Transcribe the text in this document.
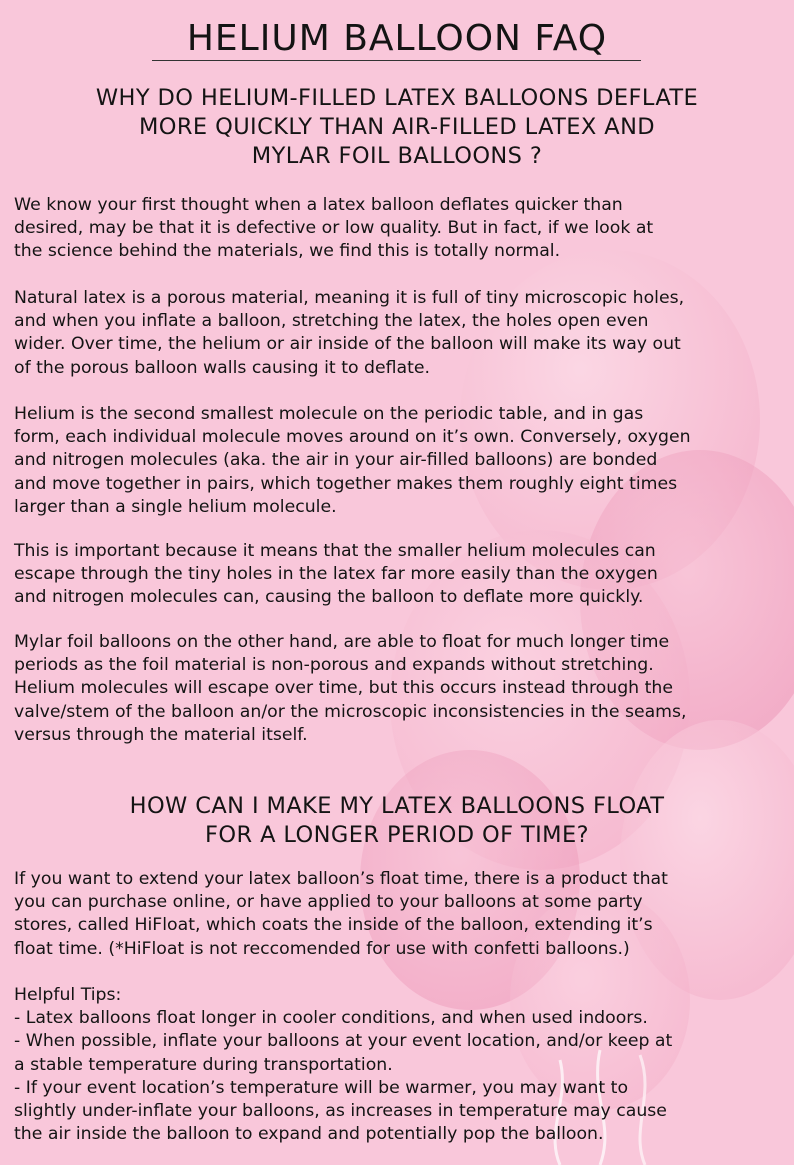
HELIUM BALLOON FAQ
WHY DO HELIUM-FILLED LATEX BALLOONS DEFLATE
MORE QUICKLY THAN AIR-FILLED LATEX AND
MYLAR FOIL BALLOONS ?

We know your first thought when a latex balloon deflates quicker than
desired, may be that it is defective or low quality. But in fact, if we look at
the science behind the materials, we find this is totally normal.

Natural latex is a porous material, meaning it is full of tiny microscopic holes,
and when you inflate a balloon, stretching the latex, the holes open even
wider. Over time, the helium or air inside of the balloon will make its way out
of the porous balloon walls causing it to deflate.

Helium is the second smallest molecule on the periodic table, and in gas
form, each individual molecule moves around on it’s own. Conversely, oxygen
and nitrogen molecules (aka. the air in your air-filled balloons) are bonded
and move together in pairs, which together makes them roughly eight times
larger than a single helium molecule.

This is important because it means that the smaller helium molecules can
escape through the tiny holes in the latex far more easily than the oxygen
and nitrogen molecules can, causing the balloon to deflate more quickly.

Mylar foil balloons on the other hand, are able to float for much longer time
periods as the foil material is non-porous and expands without stretching.
Helium molecules will escape over time, but this occurs instead through the
valve/stem of the balloon an/or the microscopic inconsistencies in the seams,
versus through the material itself.

HOW CAN I MAKE MY LATEX BALLOONS FLOAT
FOR A LONGER PERIOD OF TIME?

If you want to extend your latex balloon’s float time, there is a product that
you can purchase online, or have applied to your balloons at some party
stores, called HiFloat, which coats the inside of the balloon, extending it’s
float time. (*HiFloat is not reccomended for use with confetti balloons.)

Helpful Tips:
- Latex balloons float longer in cooler conditions, and when used indoors.
- When possible, inflate your balloons at your event location, and/or keep at
a stable temperature during transportation.
- If your event location’s temperature will be warmer, you may want to
slightly under-inflate your balloons, as increases in temperature may cause
the air inside the balloon to expand and potentially pop the balloon.
